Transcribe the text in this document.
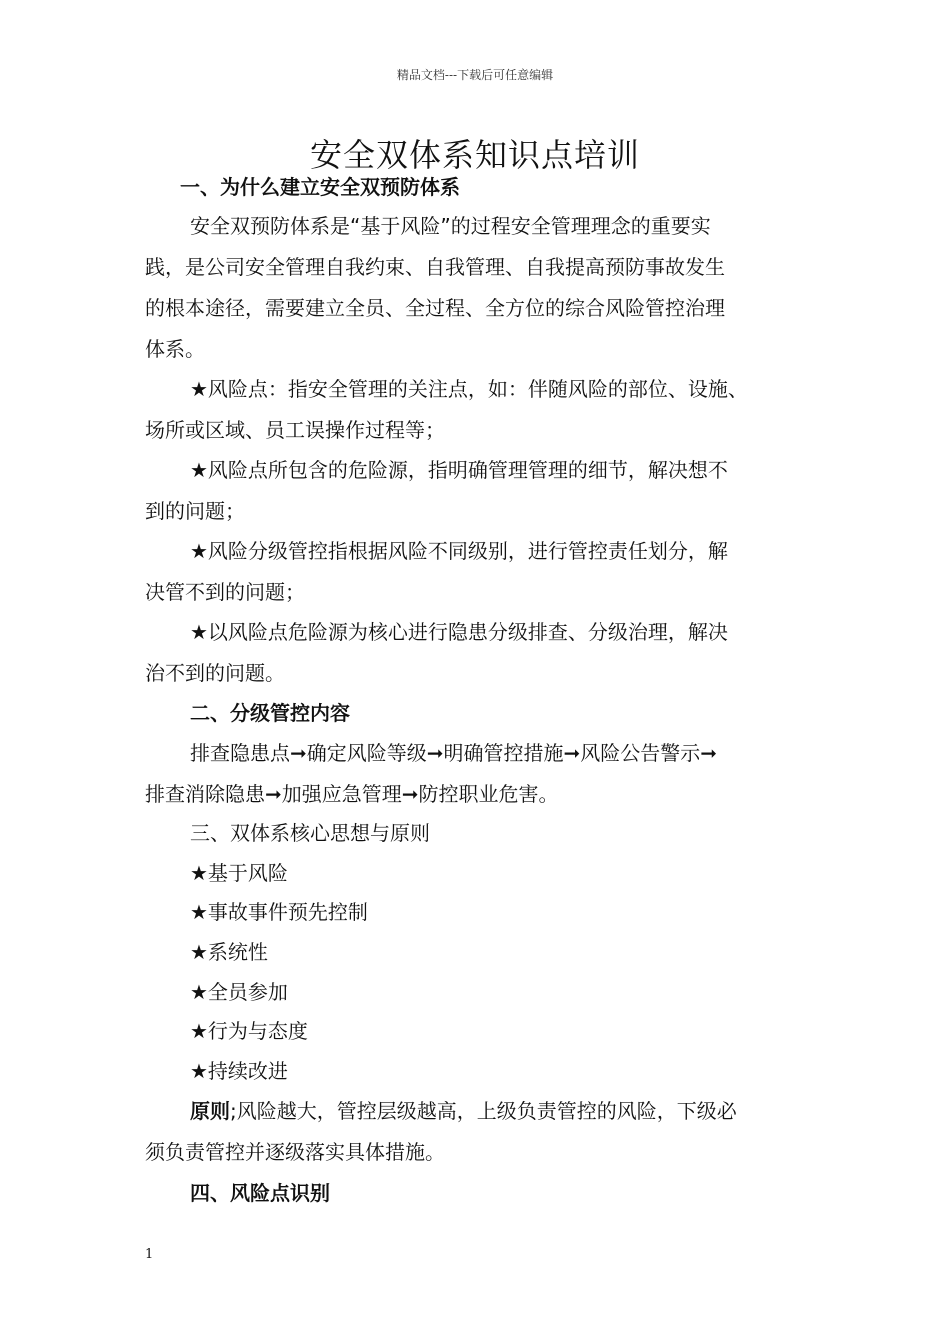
精品文档---下载后可任意编辑
安全双体系知识点培训
一、为什么建立安全双预防体系
安全双预防体系是“基于风险”的过程安全管理理念的重要实
践，是公司安全管理自我约束、自我管理、自我提高预防事故发生
的根本途径，需要建立全员、全过程、全方位的综合风险管控治理
体系。
★风险点：指安全管理的关注点，如：伴随风险的部位、设施、
场所或区域、员工误操作过程等；
★风险点所包含的危险源，指明确管理管理的细节，解决想不
到的问题；
★风险分级管控指根据风险不同级别，进行管控责任划分，解
决管不到的问题；
★以风险点危险源为核心进行隐患分级排查、分级治理，解决
治不到的问题。
二、分级管控内容
排查隐患点➞确定风险等级➞明确管控措施➞风险公告警示➞
排查消除隐患➞加强应急管理➞防控职业危害。
三、双体系核心思想与原则
★基于风险
★事故事件预先控制
★系统性
★全员参加
★行为与态度
★持续改进
原则;风险越大，管控层级越高，上级负责管控的风险，下级必
须负责管控并逐级落实具体措施。
四、风险点识别
1
